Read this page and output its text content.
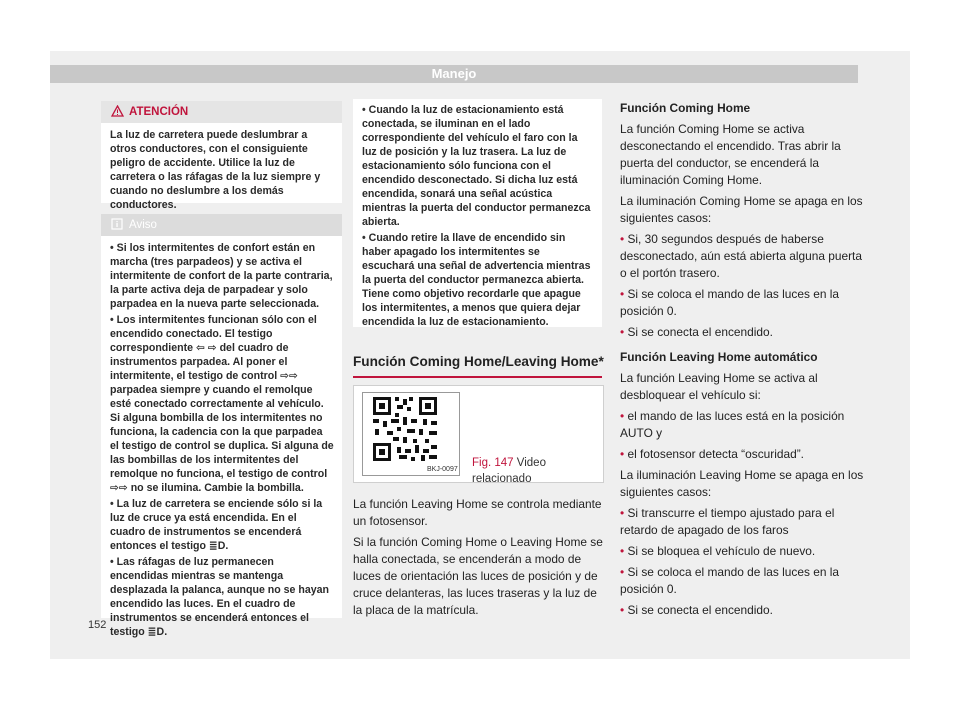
Manejo
ATENCIÓN
La luz de carretera puede deslumbrar a otros conductores, con el consiguiente peligro de accidente. Utilice la luz de carretera o las ráfagas de la luz siempre y cuando no deslumbre a los demás conductores.
Aviso

• Si los intermitentes de confort están en marcha (tres parpadeos) y se activa el intermitente de confort de la parte contraria, la parte activa deja de parpadear y solo parpadea en la nueva parte seleccionada.

• Los intermitentes funcionan sólo con el encendido conectado. El testigo correspondiente ⇦ ⇨ del cuadro de instrumentos parpadea. Al poner el intermitente, el testigo de control ⇨⇨ parpadea siempre y cuando el remolque esté conectado correctamente al vehículo. Si alguna bombilla de los intermitentes no funciona, la cadencia con la que parpadea el testigo de control se duplica. Si alguna de las bombillas de los intermitentes del remolque no funciona, el testigo de control ⇨⇨ no se ilumina. Cambie la bombilla.

• La luz de carretera se enciende sólo si la luz de cruce ya está encendida. En el cuadro de instrumentos se encenderá entonces el testigo ≣D.

• Las ráfagas de luz permanecen encendidas mientras se mantenga desplazada la palanca, aunque no se hayan encendido las luces. En el cuadro de instrumentos se encenderá entonces el testigo ≣D.

• Cuando la luz de estacionamiento está conectada, se iluminan en el lado correspondiente del vehículo el faro con la luz de posición y la luz trasera. La luz de estacionamiento sólo funciona con el encendido desconectado. Si dicha luz está encendida, sonará una señal acústica mientras la puerta del conductor permanezca abierta.

• Cuando retire la llave de encendido sin haber apagado los intermitentes se escuchará una señal de advertencia mientras la puerta del conductor permanezca abierta. Tiene como objetivo recordarle que apague los intermitentes, a menos que quiera dejar encendida la luz de estacionamiento.

Función Coming Home/Leaving Home*
BKJ-0097
Fig. 147 Video relacionado

La función Leaving Home se controla mediante un fotosensor.

Si la función Coming Home o Leaving Home se halla conectada, se encenderán a modo de luces de orientación las luces de posición y de cruce delanteras, las luces traseras y la luz de la placa de la matrícula.

Función Coming Home

La función Coming Home se activa desconectando el encendido. Tras abrir la puerta del conductor, se encenderá la iluminación Coming Home.

La iluminación Coming Home se apaga en los siguientes casos:

• Si, 30 segundos después de haberse desconectado, aún está abierta alguna puerta o el portón trasero.

• Si se coloca el mando de las luces en la posición 0.

• Si se conecta el encendido.

Función Leaving Home automático

La función Leaving Home se activa al desbloquear el vehículo si:

• el mando de las luces está en la posición AUTO y

• el fotosensor detecta “oscuridad”.

La iluminación Leaving Home se apaga en los siguientes casos:

• Si transcurre el tiempo ajustado para el retardo de apagado de los faros

• Si se bloquea el vehículo de nuevo.

• Si se coloca el mando de las luces en la posición 0.

• Si se conecta el encendido.

152
